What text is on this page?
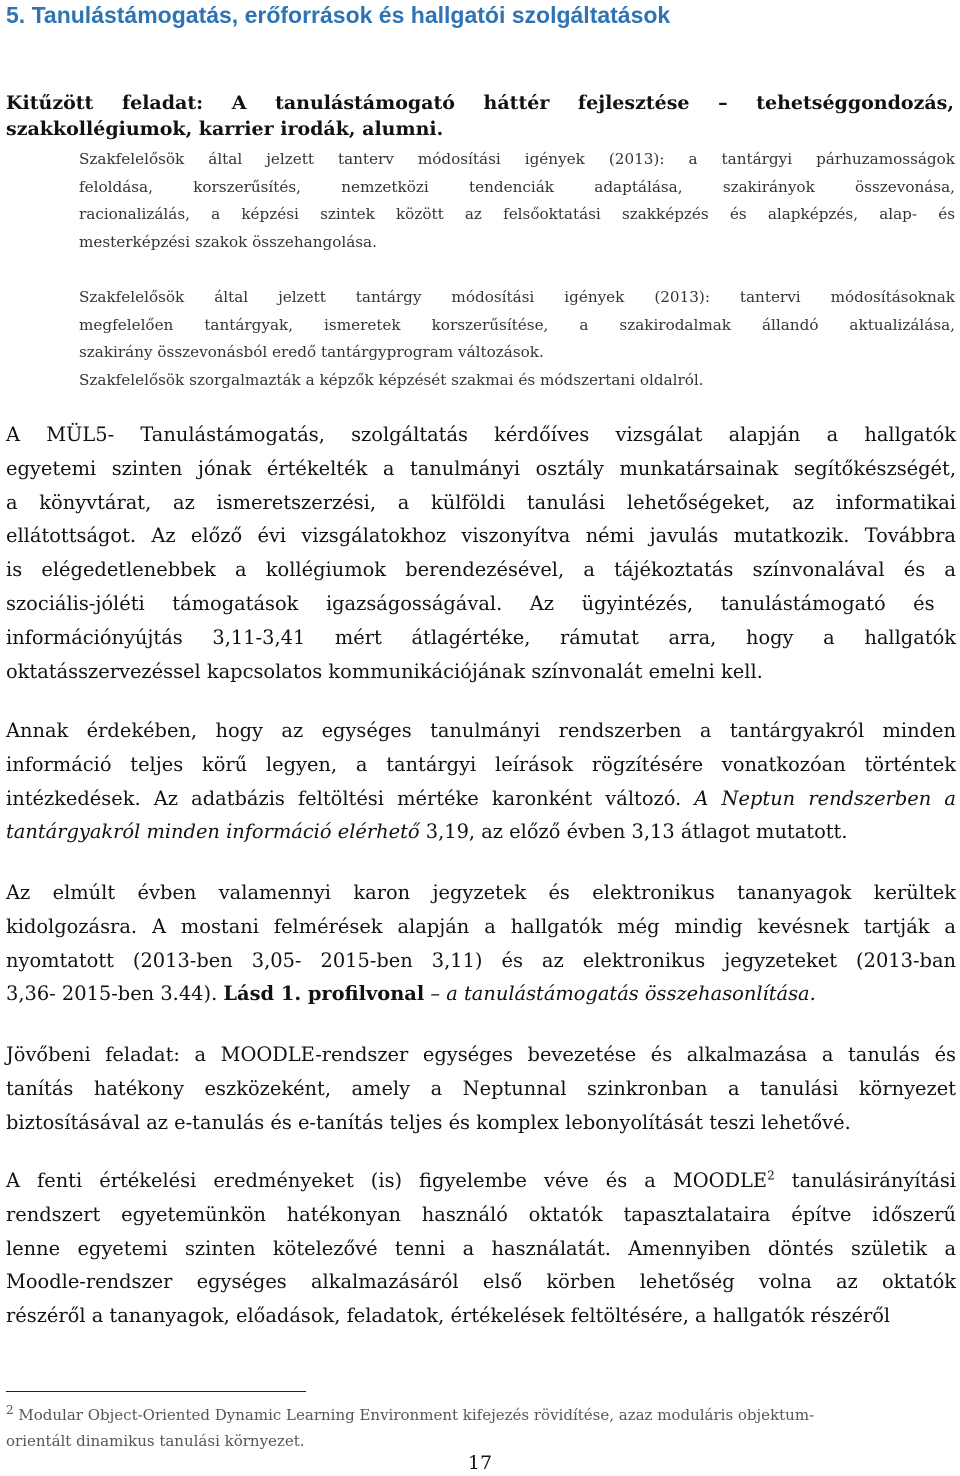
5. Tanulástámogatás, erőforrások és hallgatói szolgáltatások
Kitűzött feladat: A tanulástámogató háttér fejlesztése – tehetséggondozás,
szakkollégiumok, karrier irodák, alumni.
Szakfelelősök által jelzett tanterv módosítási igények (2013): a tantárgyi párhuzamosságok
feloldása, korszerűsítés, nemzetközi tendenciák adaptálása, szakirányok összevonása,
racionalizálás, a képzési szintek között az felsőoktatási szakképzés és alapképzés, alap- és
mesterképzési szakok összehangolása.
Szakfelelősök által jelzett tantárgy módosítási igények (2013): tantervi módosításoknak
megfelelően tantárgyak, ismeretek korszerűsítése, a szakirodalmak állandó aktualizálása,
szakirány összevonásból eredő tantárgyprogram változások.
Szakfelelősök szorgalmazták a képzők képzését szakmai és módszertani oldalról.
A MÜL5- Tanulástámogatás, szolgáltatás kérdőíves vizsgálat alapján a hallgatók
egyetemi szinten jónak értékelték a tanulmányi osztály munkatársainak segítőkészségét,
a könyvtárat, az ismeretszerzési, a külföldi tanulási lehetőségeket, az informatikai
ellátottságot. Az előző évi vizsgálatokhoz viszonyítva némi javulás mutatkozik. Továbbra
is elégedetlenebbek a kollégiumok berendezésével, a tájékoztatás színvonalával és a
szociális-jóléti támogatások igazságosságával. Az ügyintézés, tanulástámogató és
információnyújtás 3,11-3,41 mért átlagértéke, rámutat arra, hogy a hallgatók
oktatásszervezéssel kapcsolatos kommunikációjának színvonalát emelni kell.
Annak érdekében, hogy az egységes tanulmányi rendszerben a tantárgyakról minden
információ teljes körű legyen, a tantárgyi leírások rögzítésére vonatkozóan történtek
intézkedések. Az adatbázis feltöltési mértéke karonként változó. A Neptun rendszerben a
tantárgyakról minden információ elérhető 3,19, az előző évben 3,13 átlagot mutatott.
Az elmúlt évben valamennyi karon jegyzetek és elektronikus tananyagok kerültek
kidolgozásra. A mostani felmérések alapján a hallgatók még mindig kevésnek tartják a
nyomtatott (2013-ben 3,05- 2015-ben 3,11) és az elektronikus jegyzeteket (2013-ban
3,36- 2015-ben 3.44). Lásd 1. profilvonal – a tanulástámogatás összehasonlítása.
Jövőbeni feladat: a MOODLE-rendszer egységes bevezetése és alkalmazása a tanulás és
tanítás hatékony eszközeként, amely a Neptunnal szinkronban a tanulási környezet
biztosításával az e-tanulás és e-tanítás teljes és komplex lebonyolítását teszi lehetővé.
A fenti értékelési eredményeket (is) figyelembe véve és a MOODLE$^2$ tanulásirányítási
rendszert egyetemünkön hatékonyan használó oktatók tapasztalataira építve időszerű
lenne egyetemi szinten kötelezővé tenni a használatát. Amennyiben döntés születik a
Moodle-rendszer egységes alkalmazásáról első körben lehetőség volna az oktatók
részéről a tananyagok, előadások, feladatok, értékelések feltöltésére, a hallgatók részéről
$^2$ Modular Object-Oriented Dynamic Learning Environment kifejezés rövidítése, azaz moduláris objektum-
orientált dinamikus tanulási környezet.
17
